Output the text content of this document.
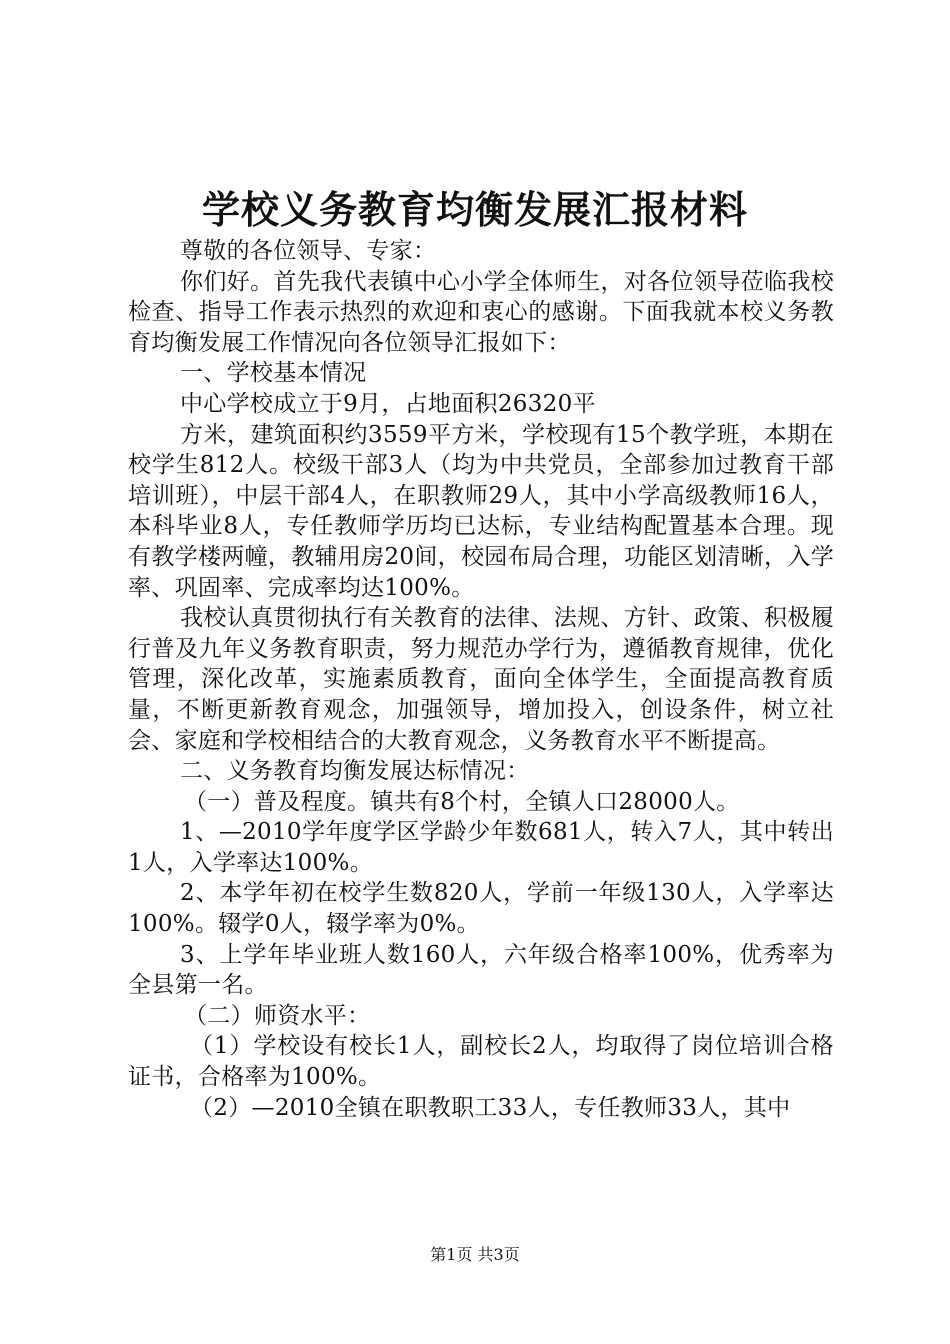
学校义务教育均衡发展汇报材料

尊敬的各位领导、专家：

你们好。首先我代表镇中心小学全体师生，对各位领导莅临我校检查、指导工作表示热烈的欢迎和衷心的感谢。下面我就本校义务教育均衡发展工作情况向各位领导汇报如下：

一、学校基本情况

中心学校成立于9月，占地面积26320平

方米，建筑面积约3559平方米，学校现有15个教学班，本期在校学生812人。校级干部3人（均为中共党员，全部参加过教育干部培训班），中层干部4人，在职教师29人，其中小学高级教师16人，本科毕业8人，专任教师学历均已达标，专业结构配置基本合理。现有教学楼两幢，教辅用房20间，校园布局合理，功能区划清晰，入学率、巩固率、完成率均达100%。

我校认真贯彻执行有关教育的法律、法规、方针、政策、积极履行普及九年义务教育职责，努力规范办学行为，遵循教育规律，优化管理，深化改革，实施素质教育，面向全体学生，全面提高教育质量，不断更新教育观念，加强领导，增加投入，创设条件，树立社会、家庭和学校相结合的大教育观念，义务教育水平不断提高。

二、义务教育均衡发展达标情况：

（一）普及程度。镇共有8个村，全镇人口28000人。

1、—2010学年度学区学龄少年数681人，转入7人，其中转出1人，入学率达100%。

2、本学年初在校学生数820人，学前一年级130人，入学率达100%。辍学0人，辍学率为0%。

3、上学年毕业班人数160人，六年级合格率100%，优秀率为全县第一名。

（二）师资水平：

（1）学校设有校长1人，副校长2人，均取得了岗位培训合格证书，合格率为100%。

（2）—2010全镇在职教职工33人，专任教师33人，其中

第1页 共3页
